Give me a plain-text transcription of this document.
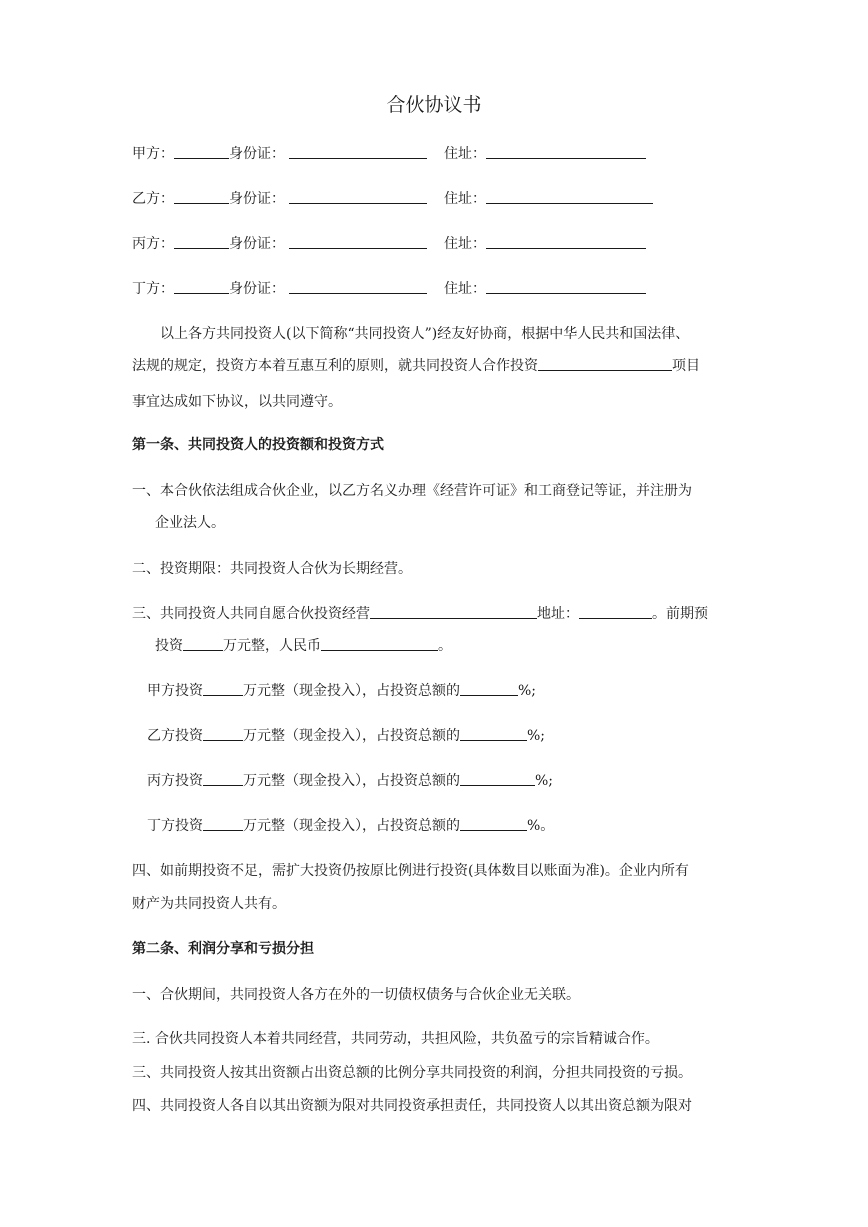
合伙协议书
甲方：	身份证：	住址：
乙方：	身份证：	住址：
丙方：	身份证：	住址：
丁方：	身份证：	住址：
以上各方共同投资人(以下简称“共同投资人”)经友好协商，根据中华人民共和国法律、
法规的规定，投资方本着互惠互利的原则，就共同投资人合作投资	项目
事宜达成如下协议，以共同遵守。
第一条、共同投资人的投资额和投资方式
一、本合伙依法组成合伙企业，以乙方名义办理《经营许可证》和工商登记等证，并注册为
企业法人。
二、投资期限：共同投资人合伙为长期经营。
三、共同投资人共同自愿合伙投资经营	地址：	。前期预
投资	万元整，人民币	。
甲方投资	万元整（现金投入），占投资总额的	%;
乙方投资	万元整（现金投入），占投资总额的	%;
丙方投资	万元整（现金投入），占投资总额的	%;
丁方投资	万元整（现金投入），占投资总额的	%。
四、如前期投资不足，需扩大投资仍按原比例进行投资(具体数目以账面为准)。企业内所有
财产为共同投资人共有。
第二条、利润分享和亏损分担
一、合伙期间，共同投资人各方在外的一切债权债务与合伙企业无关联。
三. 合伙共同投资人本着共同经营，共同劳动，共担风险，共负盈亏的宗旨精诚合作。
三、共同投资人按其出资额占出资总额的比例分享共同投资的利润，分担共同投资的亏损。
四、共同投资人各自以其出资额为限对共同投资承担责任，共同投资人以其出资总额为限对
